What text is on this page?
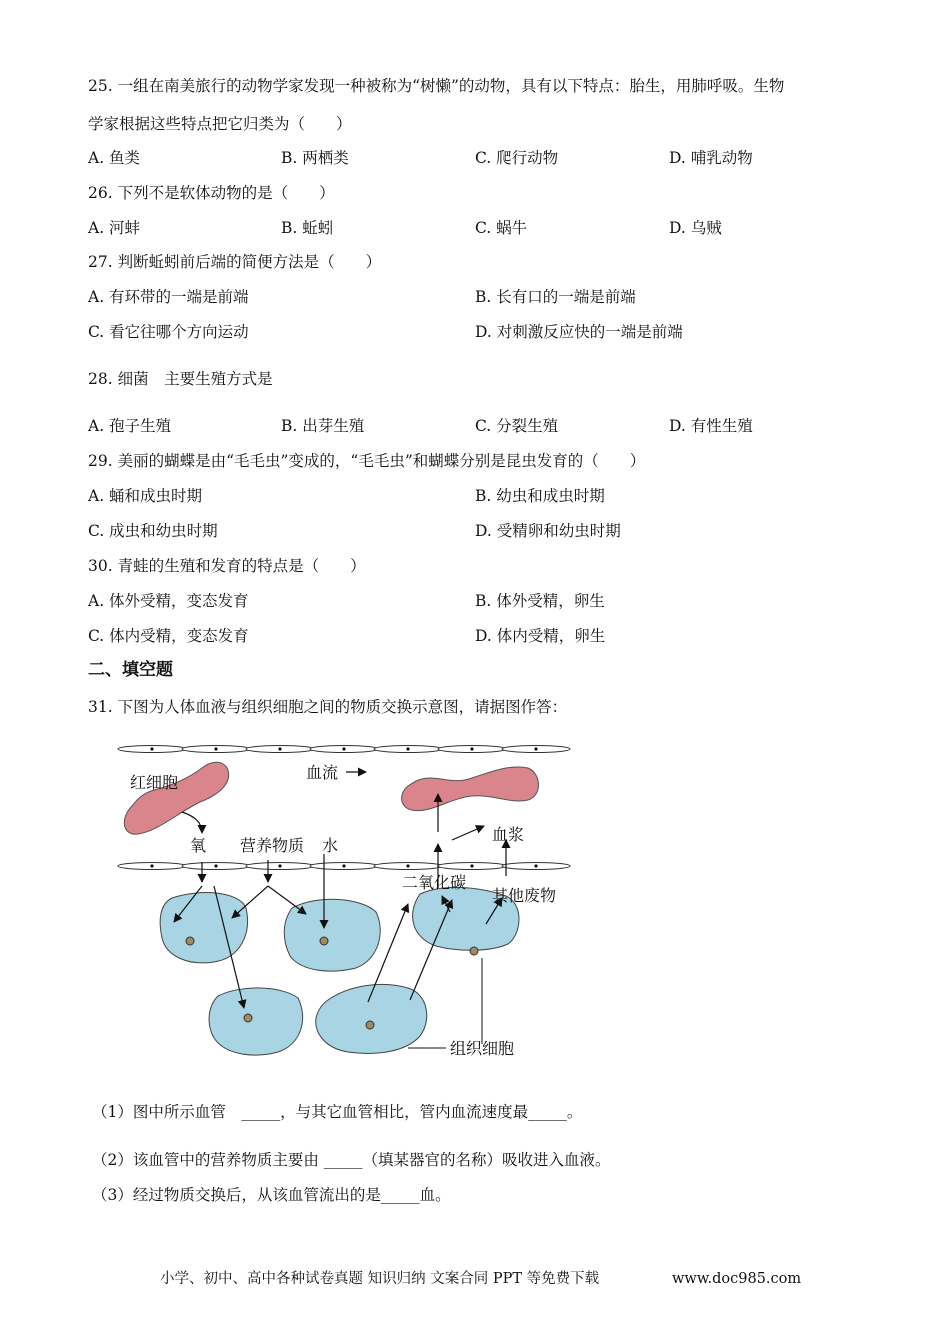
25. 一组在南美旅行的动物学家发现一种被称为“树懒”的动物，具有以下特点：胎生，用肺呼吸。生物
学家根据这些特点把它归类为（　　）
A. 鱼类	B. 两栖类	C. 爬行动物	D. 哺乳动物
26. 下列不是软体动物的是（　　）
A. 河蚌	B. 蚯蚓	C. 蜗牛	D. 乌贼
27. 判断蚯蚓前后端的简便方法是（　　）
A. 有环带的一端是前端	B. 长有口的一端是前端
C. 看它往哪个方向运动	D. 对刺激反应快的一端是前端
28. 细菌　主要生殖方式是
A. 孢子生殖	B. 出芽生殖	C. 分裂生殖	D. 有性生殖
29. 美丽的蝴蝶是由“毛毛虫”变成的，“毛毛虫”和蝴蝶分别是昆虫发育的（　　）
A. 蛹和成虫时期	B. 幼虫和成虫时期
C. 成虫和幼虫时期	D. 受精卵和幼虫时期
30. 青蛙的生殖和发育的特点是（　　）
A. 体外受精，变态发育	B. 体外受精，卵生
C. 体内受精，变态发育	D. 体内受精，卵生
二、填空题
31. 下图为人体血液与组织细胞之间的物质交换示意图，请据图作答：
红细胞
血流
氧 营养物质 水
血浆
二氧化碳
其他废物
组织细胞
（1）图中所示血管　_____，与其它血管相比，管内血流速度最_____。
（2）该血管中的营养物质主要由 _____（填某器官的名称）吸收进入血液。
（3）经过物质交换后，从该血管流出的是_____血。
小学、初中、高中各种试卷真题 知识归纳 文案合同 PPT 等免费下载	www.doc985.com
